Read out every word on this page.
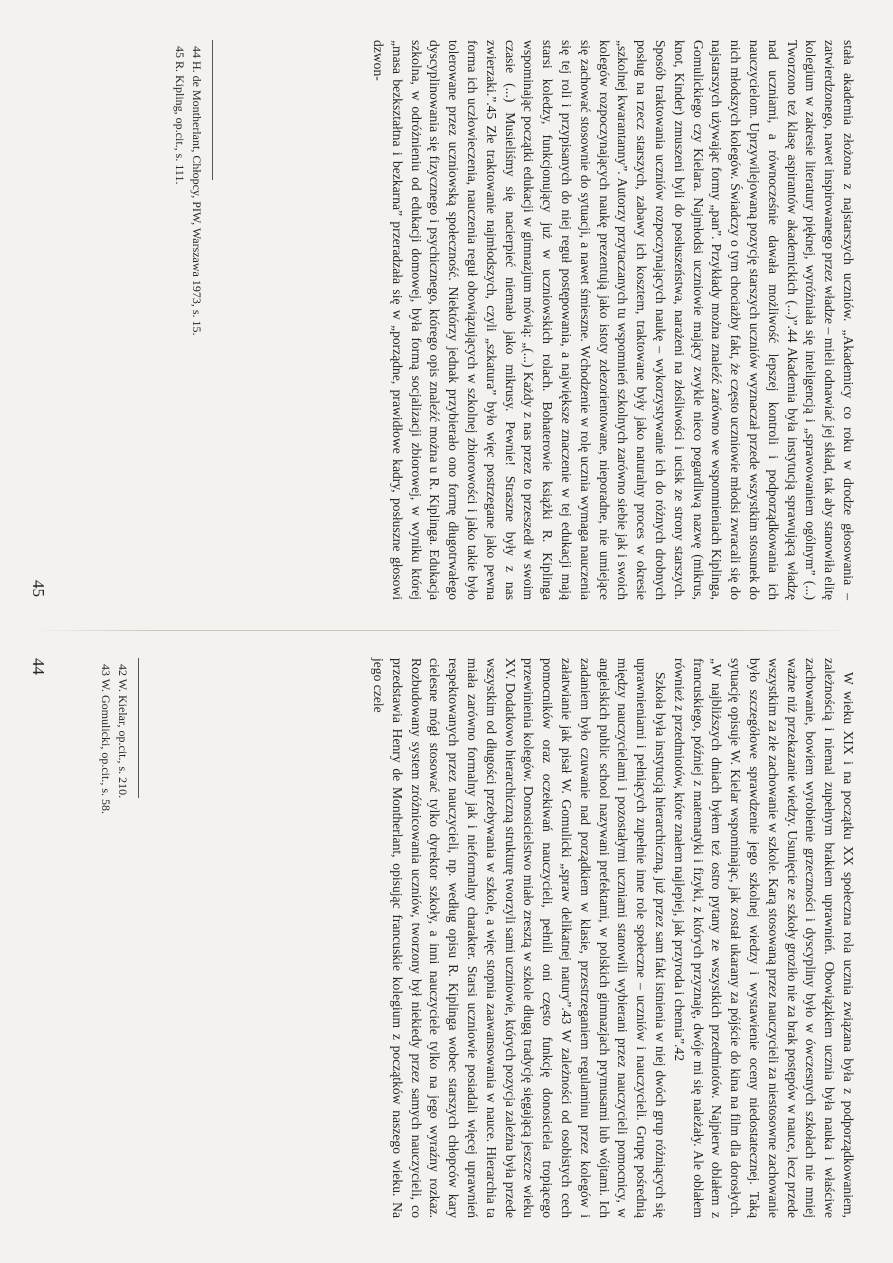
stała akademia złożona z najstarszych uczniów. „Akademicy co roku w drodze głosowania – zatwierdzonego, nawet inspirowanego przez władze – mieli odnawiać jej skład, tak aby stanowiła elitę kolegium w zakresie literatury pięknej, wyróżniała się inteligencją i „sprawowaniem ogólnym” (...) Tworzono też klasę aspirantów akademickich (...)”.44 Akademia była instytucją sprawującą władzę nad uczniami, a równocześnie dawała możliwość lepszej kontroli i podporządkowania ich nauczycielom. Uprzywilejowaną pozycję starszych uczniów wyznaczał przede wszystkim stosunek do nich młodszych kolegów. Świadczy o tym chociażby fakt, że często uczniowie młodsi zwracali się do najstarszych używając formy „pan”. Przykłady można znaleźć zarówno we wspomnieniach Kiplinga, Gomulickiego czy Kielara. Najmłodsi uczniowie mający zwykle nieco pogardliwą nazwę (mikrus, knot, Kinder) zmuszeni byli do posłuszeństwa, narażeni na złośliwości i ucisk ze strony starszych. Sposób traktowania uczniów rozpoczynających naukę – wykorzystywanie ich do różnych drobnych posług na rzecz starszych, zabawy ich kosztem, traktowane były jako naturalny proces w okresie „szkolnej kwarantanny”. Autorzy przytaczanych tu wspomnień szkolnych zarówno siebie jak i swoich kolegów rozpoczynających naukę prezentują jako istoty zdezorientowane, nieporadne, nie umiejące się zachować stosownie do sytuacji, a nawet śmieszne. Wchodzenie w rolę ucznia wymaga nauczenia się tej roli i przypisanych do niej reguł postępowania, a największe znaczenie w tej edukacji mają starsi koledzy, funkcjonujący już w uczniowskich rolach. Bohaterowie książki R. Kiplinga wspominając początki edukacji w gimnazjum mówią: „(...) Każdy z nas przez to przeszedł w swoim czasie (...) Musieliśmy się nacierpieć niemało jako mikrusy. Pewnie! Straszne były z nas zwierzaki.”.45 Złe traktowanie najmłodszych, czyli „szkatura” było więc postrzegane jako pewna forma ich uczłowieczenia, nauczenia reguł obowiązujących w szkolnej zbiorowości i jako takie było tolerowane przez uczniowską społeczność. Niektórzy jednak przybierało ono formę długotrwałego dyscyplinowania się fizycznego i psychicznego, którego opis znaleźć można u R. Kiplinga. Edukacja szkolna, w odróżnieniu od edukacji domowej, była formą socjalizacji zbiorowej, w wyniku której „masa bezkształtna i bezkarna” przeradzała się w „porządne, prawidłowe kadry, posłuszne głosowi dzwon-

44 H. de Montherlant, Chłopcy, PIW, Warszawa 1973, s. 15.
45 R. Kipling, op.cit., s. 111.
45

W wieku XIX i na początku XX społeczna rola ucznia związana była z podporządkowaniem, zależnością i niemal zupełnym brakiem uprawnień. Obowiązkiem ucznia była nauka i właściwe zachowanie, bowiem wyrobienie grzeczności i dyscypliny było w ówczesnych szkołach nie mniej ważne niż przekazanie wiedzy. Usunięcie ze szkoły groziło nie za brak postępów w nauce, lecz przede wszystkim za złe zachowanie w szkole. Karą stosowaną przez nauczycieli za niestosowne zachowanie było szczegółowe sprawdzenie jego szkolnej wiedzy i wystawienie oceny niedostatecznej. Taką sytuację opisuje W. Kielar wspominając, jak został ukarany za pójście do kina na film dla dorosłych. „W najbliższych dniach byłem też ostro pytany ze wszystkich przedmiotów. Najpierw oblałem z francuskiego, później z matematyki i fizyki, z których przyznaję, dwóje mi się należały. Ale oblałem również z przedmiotów, które znałem najlepiej, jak przyroda i chemia”.42

Szkoła była instytucją hierarchiczną, już przez sam fakt istnienia w niej dwóch grup różniących się uprawnieniami i pełniących zupełnie inne role społeczne – uczniów i nauczycieli. Grupę pośrednią między nauczycielami i pozostałymi uczniami stanowili wybierani przez nauczycieli pomocnicy, w angielskich public school nazywani prefektami, w polskich gimnazjach prymusami lub wójtami. Ich zadaniem było czuwanie nad porządkiem w klasie, przestrzeganiem regulaminu przez kolegów i załatwianie jak pisał W. Gomulicki „spraw delikatnej natury”.43 W zależności od osobistych cech pomocników oraz oczekiwań nauczycieli, pełnili oni często funkcję donosiciela tropiącego przewinienia kolegów. Donosicielstwo miało zresztą w szkole długą tradycję sięgającą jeszcze wieku XV. Dodatkowo hierarchiczną strukturę tworzyli sami uczniowie, których pozycja zależna była przede wszystkim od długości przebywania w szkole, a więc stopnia zaawansowania w nauce. Hierarchia ta miała zarówno formalny jak i nieformalny charakter. Starsi uczniowie posiadali więcej uprawnień respektowanych przez nauczycieli, np. według opisu R. Kiplinga wobec starszych chłopców kary cielesne mógł stosować tylko dyrektor szkoły, a inni nauczyciele tylko na jego wyraźny rozkaz. Rozbudowany system zróżnicowania uczniów, tworzony był niekiedy przez samych nauczycieli, co przedstawia Henry de Montherlant, opisując francuskie kolegium z początków naszego wieku. Na jego czele

42 W. Kielar, op.cit., s. 210.
43 W. Gomulicki, op.cit., s. 58.
44
